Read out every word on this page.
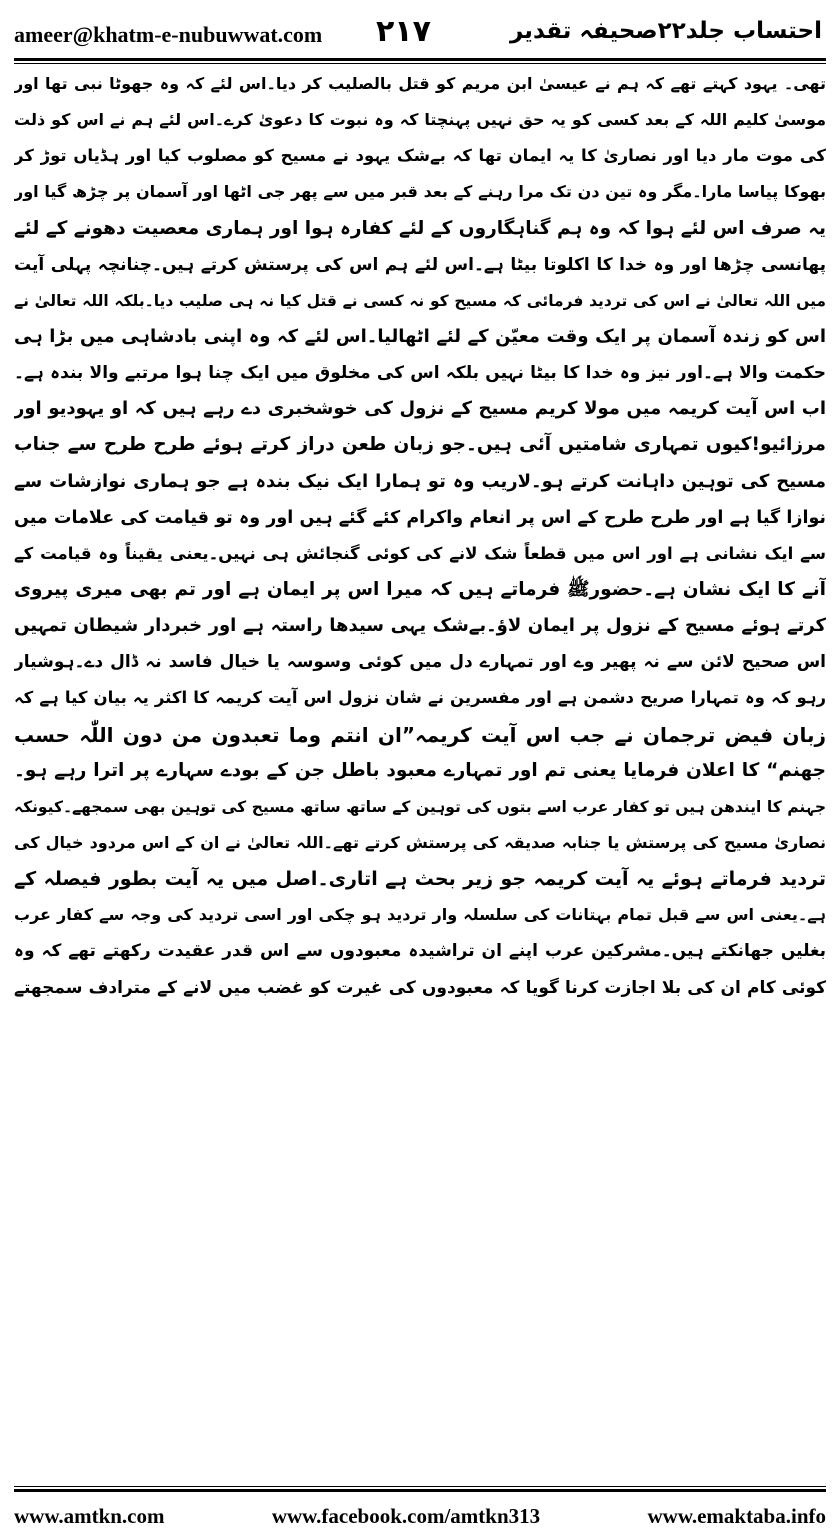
ameer@khatm-e-nubuwwat.com ۲۱۷	احتساب جلد۲۲صحیفہ تقدیر
تھی۔ یہود کہتے تھے کہ ہم نے عیسیٰ ابن مریم کو قتل بالصلیب کر دیا۔اس لئے کہ وہ جھوٹا نبی تھا اور
موسیٰ کلیم اللہ کے بعد کسی کو یہ حق نہیں پہنچتا کہ وہ نبوت کا دعویٰ کرے۔اس لئے ہم نے اس کو ذلت
کی موت مار دیا اور نصاریٰ کا یہ ایمان تھا کہ بےشک یہود نے مسیح کو مصلوب کیا اور ہڈیاں توڑ کر
بھوکا پیاسا مارا۔مگر وہ تین دن تک مرا رہنے کے بعد قبر میں سے پھر جی اٹھا اور آسمان پر چڑھ گیا اور
یہ صرف اس لئے ہوا کہ وہ ہم گناہگاروں کے لئے کفارہ ہوا اور ہماری معصیت دھونے کے لئے
پھانسی چڑھا اور وہ خدا کا اکلوتا بیٹا ہے۔اس لئے ہم اس کی پرستش کرتے ہیں۔چنانچہ پہلی آیت
میں اللہ تعالیٰ نے اس کی تردید فرمائی کہ مسیح کو نہ کسی نے قتل کیا نہ ہی صلیب دیا۔بلکہ اللہ تعالیٰ نے
اس کو زندہ آسمان پر ایک وقت معیّن کے لئے اٹھالیا۔اس لئے کہ وہ اپنی بادشاہی میں بڑا ہی
حکمت والا ہے۔اور نیز وہ خدا کا بیٹا نہیں بلکہ اس کی مخلوق میں ایک چنا ہوا مرتبے والا بندہ ہے۔
اب اس آیت کریمہ میں مولا کریم مسیح کے نزول کی خوشخبری دے رہے ہیں کہ او یہودیو اور
مرزائیو!کیوں تمہاری شامتیں آئی ہیں۔جو زبان طعن دراز کرتے ہوئے طرح طرح سے جناب
مسیح کی توہین داہانت کرتے ہو۔لاریب وہ تو ہمارا ایک نیک بندہ ہے جو ہماری نوازشات سے
نوازا گیا ہے اور طرح طرح کے اس پر انعام واکرام کئے گئے ہیں اور وہ تو قیامت کی علامات میں
سے ایک نشانی ہے اور اس میں قطعاً شک لانے کی کوئی گنجائش ہی نہیں۔یعنی یقیناً وہ قیامت کے
آنے کا ایک نشان ہے۔حضورﷺ فرماتے ہیں کہ میرا اس پر ایمان ہے اور تم بھی میری پیروی
کرتے ہوئے مسیح کے نزول پر ایمان لاؤ۔بےشک یہی سیدھا راستہ ہے اور خبردار شیطان تمہیں
اس صحیح لائن سے نہ پھیر وے اور تمہارے دل میں کوئی وسوسہ یا خیال فاسد نہ ڈال دے۔ہوشیار
رہو کہ وہ تمہارا صریح دشمن ہے اور مفسرین نے شان نزول اس آیت کریمہ کا اکثر یہ بیان کیا ہے کہ
زبان فیض ترجمان نے جب اس آیت کریمہ”ان انتم وما تعبدون من دون اللّٰہ حسب
جھنم“ کا اعلان فرمایا یعنی تم اور تمہارے معبود باطل جن کے بودے سہارے پر اترا رہے ہو۔
جہنم کا ایندھن ہیں تو کفار عرب اسے بتوں کی توہین کے ساتھ ساتھ مسیح کی توہین بھی سمجھے۔کیونکہ
نصاریٰ مسیح کی پرستش یا جنابہ صدیقہ کی پرستش کرتے تھے۔اللہ تعالیٰ نے ان کے اس مردود خیال کی
تردید فرماتے ہوئے یہ آیت کریمہ جو زیر بحث ہے اتاری۔اصل میں یہ آیت بطور فیصلہ کے
ہے۔یعنی اس سے قبل تمام بہتانات کی سلسلہ وار تردید ہو چکی اور اسی تردید کی وجہ سے کفار عرب
بغلیں جھانکتے ہیں۔مشرکین عرب اپنے ان تراشیدہ معبودوں سے اس قدر عقیدت رکھتے تھے کہ وہ
کوئی کام ان کی بلا اجازت کرنا گویا کہ معبودوں کی غیرت کو غضب میں لانے کے مترادف سمجھتے
www.amtkn.com	www.facebook.com/amtkn313	www.emaktaba.info
